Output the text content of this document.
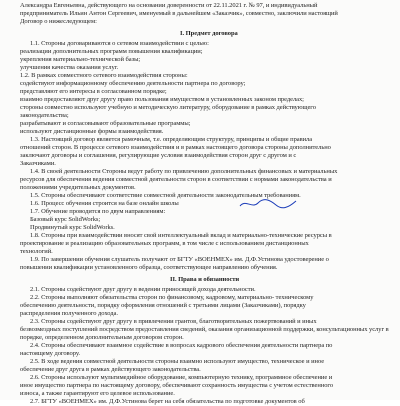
Александра Евгеньевна, действующего на основании доверенности от 22.11.2021 г. № 97, и индивидуальный
предприниматель Ильин Антон Сергеевич, именуемый в дальнейшем «Заказчик», совместно, заключили настоящий
Договор о нижеследующем:
I. Предмет договора
1.1. Стороны договариваются о сетевом взаимодействии с целью:
реализации дополнительных программ повышения квалификации;
укрепления материально-технической базы;
улучшения качества оказания услуг.
1.2. В рамках совместного сетевого взаимодействия стороны:
содействуют информационному обеспечению деятельности партнера по договору;
представляют его интересы в согласованном порядке;
взаимно предоставляют друг другу право пользования имуществом в установленных законом пределах;
стороны совместно используют учебную и методическую литературу, оборудование в рамках действующего
законодательства;
разрабатывают и согласовывают образовательные программы;
используют дистанционные формы взаимодействия.
1.3. Настоящий договор является рамочным, т.е. определяющим структуру, принципы и общие правила
отношений сторон. В процессе сетевого взаимодействия и в рамках настоящего договора стороны дополнительно
заключают договоры и соглашения, регулирующие условия взаимодействия сторон друг с другом и с
Заказчиками.
1.4. В своей деятельности Стороны ведут работу по привлечению дополнительных финансовых и материальных
ресурсов для обеспечения ведения совместной деятельности сторон в соответствии с нормами законодательства и
положениями учредительных документов.
1.5. Стороны обеспечивают соответствие совместной деятельности законодательным требованиям.
1.6. Процесс обучения строится на базе онлайн школы
1.7. Обучение проводится по двум направлениям:
Базовый курс SolidWorks;
Продвинутый курс SolidWorks.
1.8. Стороны при взаимодействии вносят свой интеллектуальный вклад и материально-технические ресурсы в
проектирование и реализацию образовательных программ, в том числе с использованием дистанционных
технологий.
1.9. По завершении обучения слушатель получают от БГТУ «ВОЕНМЕХ» им. Д.Ф.Устинова удостоверение о
повышении квалификации установленного образца, соответствующее направлению обучения.
II. Права и обязанности
2.1. Стороны содействуют друг другу в ведении приносящей дохода деятельности.
2.2. Стороны выполняют обязательства сторон по финансовому, кадровому, материально- техническому
обеспечению деятельности, порядку оформления отношений с третьими лицами (Заказчиками), порядку
распределения полученного дохода.
2.3. Стороны содействуют друг другу в привлечении грантов, благотворительных пожертвований и иных
безвозмездных поступлений посредством предоставления сведений, оказания организационной поддержки, консультационных услуг в
порядке, определенном дополнительным договором сторон.
2.4. Стороны обеспечивают взаимное содействие в вопросах кадрового обеспечения деятельности партнера по
настоящему договору.
2.5. В ходе ведения совместной деятельности стороны взаимно используют имущество, техническое и иное
обеспечение друг друга в рамках действующего законодательства.
2.6. Стороны используют мультимедийное оборудование, компьютерную технику, программное обеспечение и
иное имущество партнера по настоящему договору, обеспечивают сохранность имущества с учетом естественного
износа, а также гарантируют его целевое использование.
2.7. БГТУ «ВОЕНМЕХ» им. Д.Ф.Устинова берет на себя обязательства по подготовке документов об
